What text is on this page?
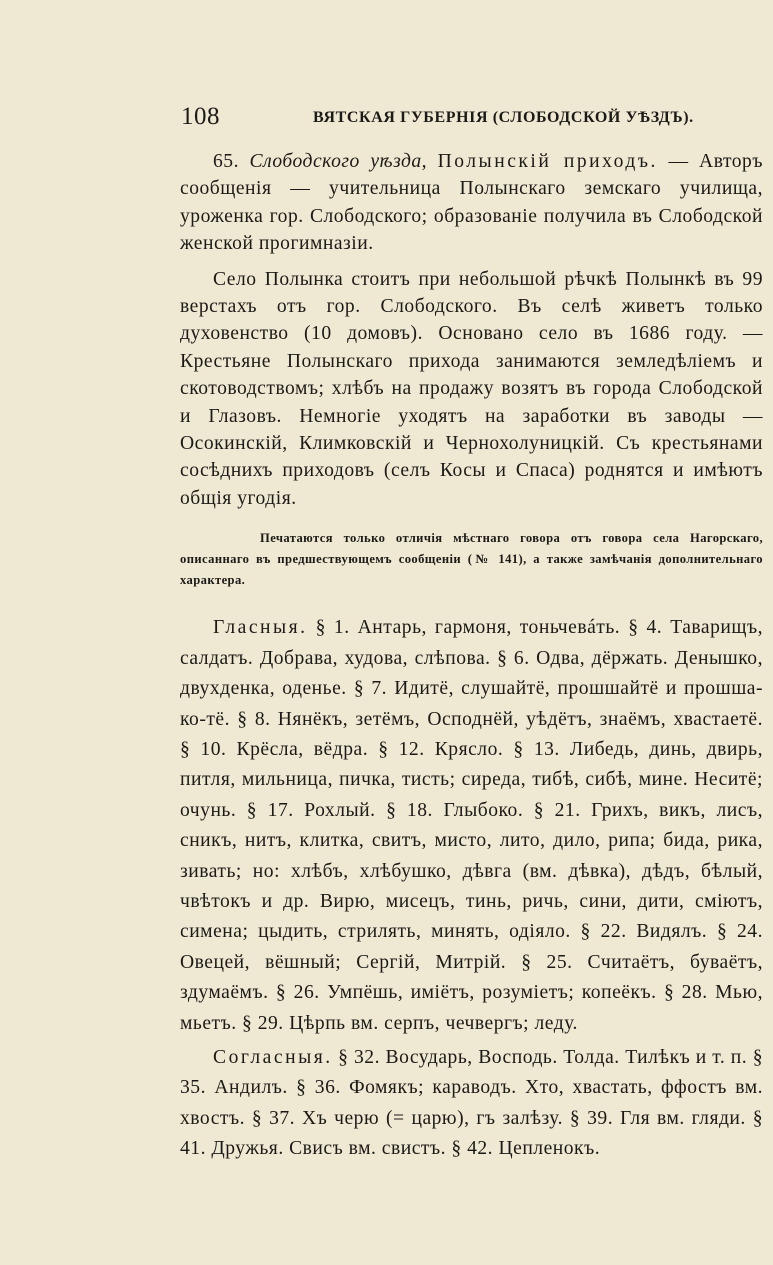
108	ВЯТСКАЯ ГУБЕРНІЯ (СЛОБОДСКОЙ УѢЗДЪ).

65. Слободского уѣзда, Полынскій приходъ. — Авторъ сообщенія — учительница Полынскаго земскаго училища, уроженка гор. Слободского; образованіе получила въ Слободской женской прогимназіи.

Село Полынка стоитъ при небольшой рѣчкѣ Полынкѣ въ 99 верстахъ отъ гор. Слободского. Въ селѣ живетъ только духовенство (10 домовъ). Основано село въ 1686 году. — Крестьяне Полынскаго прихода занимаются земледѣліемъ и скотоводствомъ; хлѣбъ на продажу возятъ въ города Слободской и Глазовъ. Немногіе уходятъ на заработки въ заводы — Осокинскій, Климковскій и Чернохолуницкій. Съ крестьянами сосѣднихъ приходовъ (селъ Косы и Спаса) роднятся и имѣютъ общія угодія.

Печатаются только отличія мѣстнаго говора отъ говора села Нагорскаго, описаннаго въ предшествующемъ сообщеніи (№ 141), а также замѣчанія дополнительнаго характера.

Гласныя. § 1. Антарь, гармоня, тоньчевáть. § 4. Таварищъ, салдатъ. Добрава, худова, слѣпова. § 6. Одва, дёржать. Денышко, двухденка, оденье. § 7. Идитё, слушайтё, прошшайтё и прошша-ко-тё. § 8. Нянёкъ, зетёмъ, Осподнёй, уѣдётъ, знаёмъ, хвастаетё. § 10. Крёсла, вёдра. § 12. Крясло. § 13. Либедь, динь, двирь, питля, мильница, пичка, тисть; сиреда, тибѣ, сибѣ, мине. Неситё; очунь. § 17. Рохлый. § 18. Глыбоко. § 21. Грихъ, викъ, лисъ, сникъ, нитъ, клитка, свитъ, мисто, лито, дило, рипа; бида, рика, зивать; но: хлѣбъ, хлѣбушко, дѣвга (вм. дѣвка), дѣдъ, бѣлый, чвѣтокъ и др. Вирю, мисецъ, тинь, ричь, сини, дити, смiютъ, симена; цыдить, стрилять, минять, одiяло. § 22. Видялъ. § 24. Овецей, вёшный; Сергій, Митрій. § 25. Считаётъ, буваётъ, здумаёмъ. § 26. Умпёшь, имiётъ, розумiетъ; копеёкъ. § 28. Мью, мьетъ. § 29. Цѣрпь вм. серпъ, чечвергъ; леду.

Согласныя. § 32. Восударь, Восподь. Толда. Тилѣкъ и т. п. § 35. Андилъ. § 36. Фомякъ; караводъ. Хто, хвастать, ффостъ вм. хвостъ. § 37. Хъ черю (= царю), гъ залѣзу. § 39. Гля вм. гляди. § 41. Дружья. Свисъ вм. свистъ. § 42. Цепленокъ.
